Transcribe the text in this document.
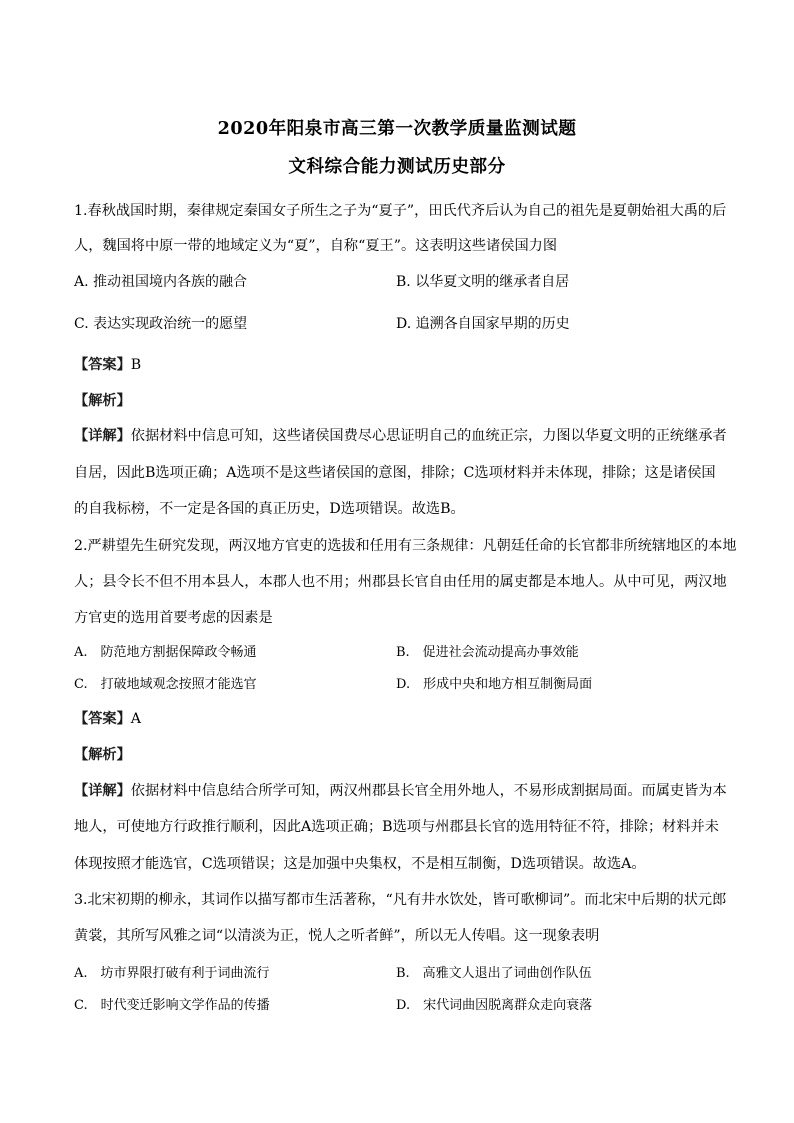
2020年阳泉市高三第一次教学质量监测试题
文科综合能力测试历史部分
1.春秋战国时期，秦律规定秦国女子所生之子为“夏子”，田氏代齐后认为自己的祖先是夏朝始祖大禹的后
人，魏国将中原一带的地域定义为“夏”，自称“夏王”。这表明这些诸侯国力图
A. 推动祖国境内各族的融合	B. 以华夏文明的继承者自居
C. 表达实现政治统一的愿望	D. 追溯各自国家早期的历史
【答案】B
【解析】
【详解】依据材料中信息可知，这些诸侯国费尽心思证明自己的血统正宗，力图以华夏文明的正统继承者
自居，因此B选项正确；A选项不是这些诸侯国的意图，排除；C选项材料并未体现，排除；这是诸侯国
的自我标榜，不一定是各国的真正历史，D选项错误。故选B。
2.严耕望先生研究发现，两汉地方官吏的选拔和任用有三条规律：凡朝廷任命的长官都非所统辖地区的本地
人；县令长不但不用本县人，本郡人也不用；州郡县长官自由任用的属吏都是本地人。从中可见，两汉地
方官吏的选用首要考虑的因素是
A.　防范地方割据保障政令畅通	B.　促进社会流动提高办事效能
C.　打破地域观念按照才能选官	D.　形成中央和地方相互制衡局面
【答案】A
【解析】
【详解】依据材料中信息结合所学可知，两汉州郡县长官全用外地人，不易形成割据局面。而属吏皆为本
地人，可使地方行政推行顺利，因此A选项正确；B选项与州郡县长官的选用特征不符，排除；材料并未
体现按照才能选官，C选项错误；这是加强中央集权，不是相互制衡，D选项错误。故选A。
3.北宋初期的柳永，其词作以描写都市生活著称，“凡有井水饮处，皆可歌柳词”。而北宋中后期的状元郎
黄裳，其所写风雅之词“以清淡为正，悦人之听者鲜”，所以无人传唱。这一现象表明
A.　坊市界限打破有利于词曲流行	B.　高雅文人退出了词曲创作队伍
C.　时代变迁影响文学作品的传播	D.　宋代词曲因脱离群众走向衰落
